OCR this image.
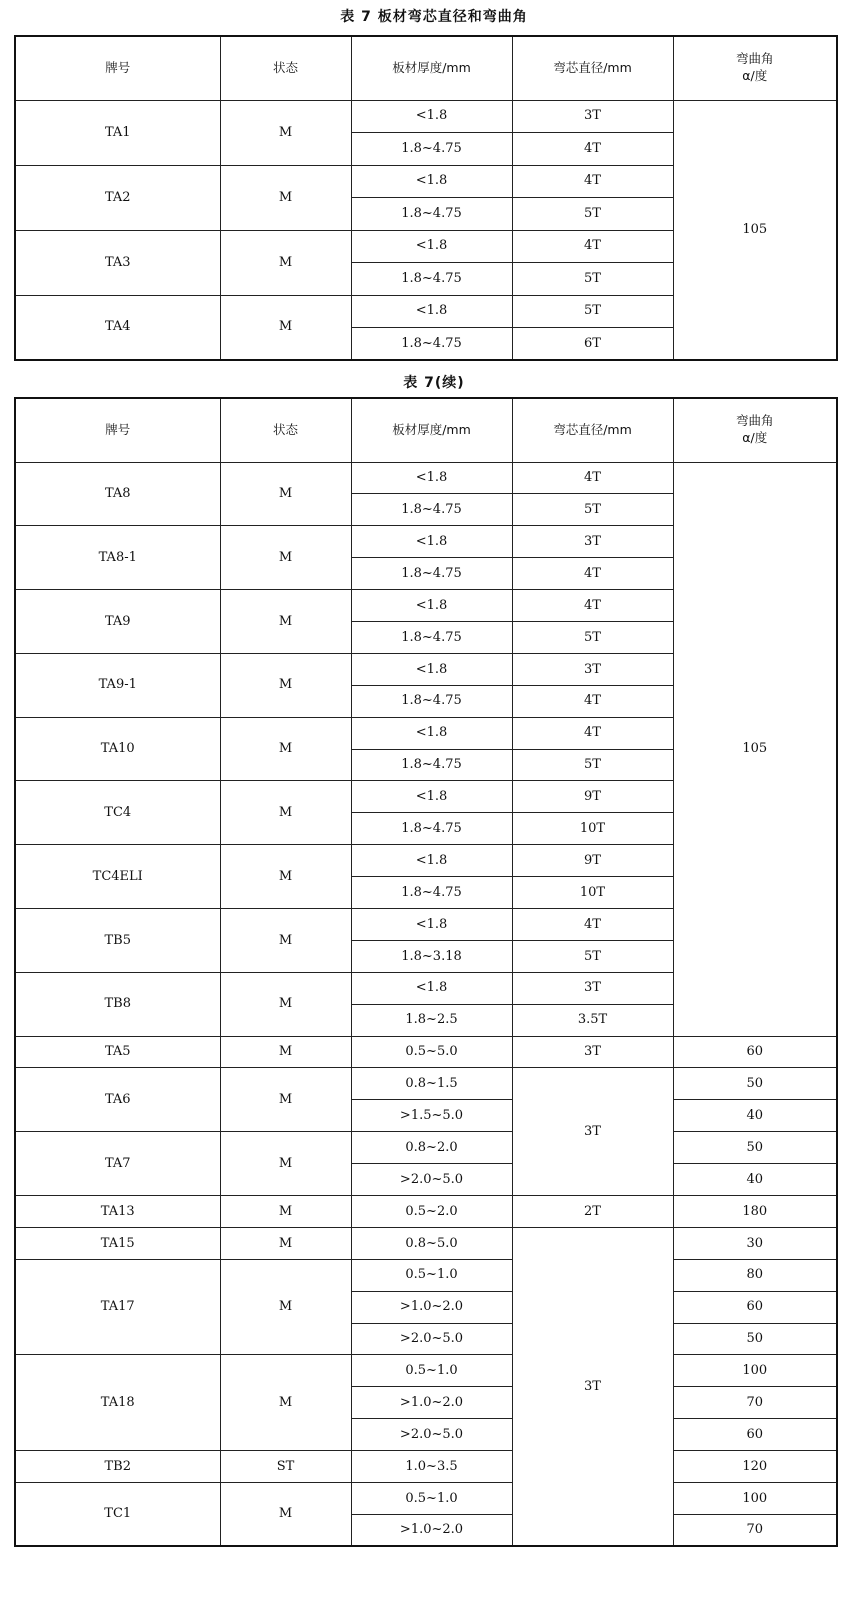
表 7 板材弯芯直径和弯曲角
牌号	状态	板材厚度/mm	弯芯直径/mm	弯曲角
α/度
TA1	M	<1.8	3T	105
		1.8~4.75	4T	
TA2	M	<1.8	4T	
		1.8~4.75	5T	
TA3	M	<1.8	4T	
		1.8~4.75	5T	
TA4	M	<1.8	5T	
		1.8~4.75	6T	
表 7(续)
牌号	状态	板材厚度/mm	弯芯直径/mm	弯曲角
α/度
TA8	M	<1.8	4T	105
		1.8~4.75	5T	
TA8-1	M	<1.8	3T	
		1.8~4.75	4T	
TA9	M	<1.8	4T	
		1.8~4.75	5T	
TA9-1	M	<1.8	3T	
		1.8~4.75	4T	
TA10	M	<1.8	4T	
		1.8~4.75	5T	
TC4	M	<1.8	9T	
		1.8~4.75	10T	
TC4ELI	M	<1.8	9T	
		1.8~4.75	10T	
TB5	M	<1.8	4T	
		1.8~3.18	5T	
TB8	M	<1.8	3T	
		1.8~2.5	3.5T	
TA5	M	0.5~5.0	3T	60
TA6	M	0.8~1.5	3T	50
		>1.5~5.0		40
TA7	M	0.8~2.0		50
		>2.0~5.0		40
TA13	M	0.5~2.0	2T	180
TA15	M	0.8~5.0	3T	30
TA17	M	0.5~1.0		80
		>1.0~2.0		60
		>2.0~5.0		50
TA18	M	0.5~1.0		100
		>1.0~2.0		70
		>2.0~5.0		60
TB2	ST	1.0~3.5		120
TC1	M	0.5~1.0		100
		>1.0~2.0		70
